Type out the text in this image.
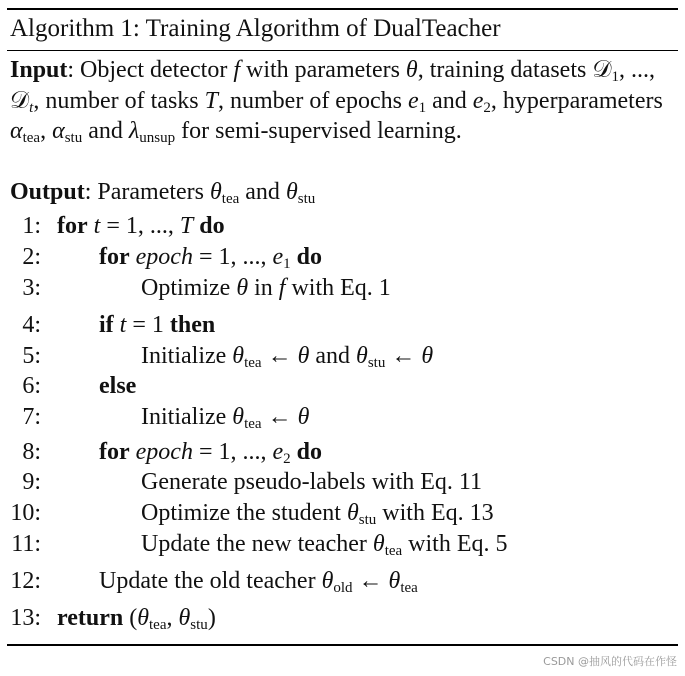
Algorithm 1: Training Algorithm of DualTeacher
Input: Object detector f with parameters θ, training datasets 𝒟$_1$, ..., 𝒟$_t$, number of tasks T, number of epochs $e_1$ and $e_2$, hyperparameters $\alpha_{tea}$, $\alpha_{stu}$ and $\lambda_{unsup}$ for semi-supervised learning.
Output: Parameters $\theta_{tea}$ and $\theta_{stu}$
1: for t = 1, ..., T do
2: for epoch = 1, ..., $e_1$ do
3:	Optimize θ in f with Eq. 1
4: if t = 1 then
5:	Initialize $\theta_{tea}$ ← θ and $\theta_{stu}$ ← θ
6: else
7:	Initialize $\theta_{tea}$ ← θ
8: for epoch = 1, ..., $e_2$ do
9:	Generate pseudo-labels with Eq. 11
10:	Optimize the student $\theta_{stu}$ with Eq. 13
11:	Update the new teacher $\theta_{tea}$ with Eq. 5
12: Update the old teacher $\theta_{old}$ ← $\theta_{tea}$
13: return ($\theta_{tea}$, $\theta_{stu}$)
CSDN @抽风的代码在作怪
